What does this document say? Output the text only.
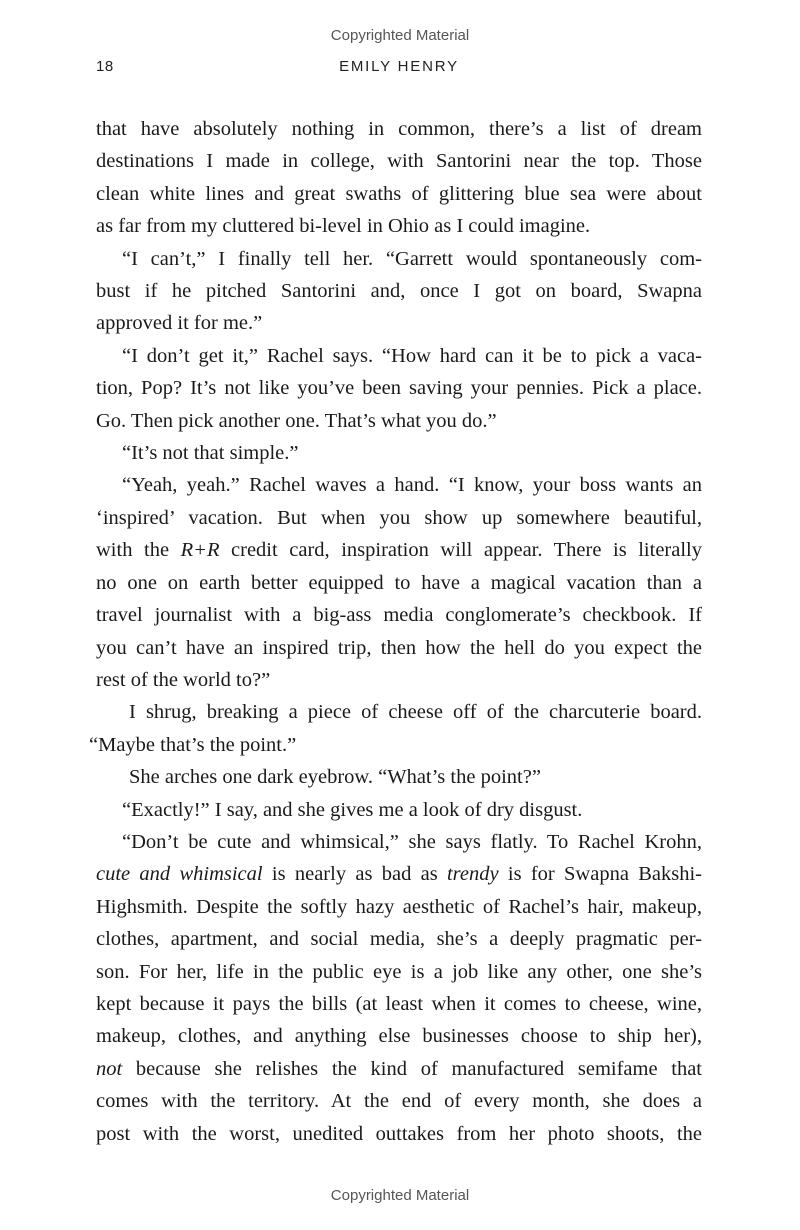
Copyrighted Material

18	EMILY HENRY

that have absolutely nothing in common, there’s a list of dream
destinations I made in college, with Santorini near the top. Those
clean white lines and great swaths of glittering blue sea were about
as far from my cluttered bi-level in Ohio as I could imagine.

“I can’t,” I finally tell her. “Garrett would spontaneously com-
bust if he pitched Santorini and, once I got on board, Swapna
approved it for me.”

“I don’t get it,” Rachel says. “How hard can it be to pick a vaca-
tion, Pop? It’s not like you’ve been saving your pennies. Pick a place.
Go. Then pick another one. That’s what you do.”

“It’s not that simple.”

“Yeah, yeah.” Rachel waves a hand. “I know, your boss wants an
‘inspired’ vacation. But when you show up somewhere beautiful,
with the R+R credit card, inspiration will appear. There is literally
no one on earth better equipped to have a magical vacation than a
travel journalist with a big-ass media conglomerate’s checkbook. If
you can’t have an inspired trip, then how the hell do you expect the
rest of the world to?”

I shrug, breaking a piece of cheese off of the charcuterie board.
“Maybe that’s the point.”

She arches one dark eyebrow. “What’s the point?”

“Exactly!” I say, and she gives me a look of dry disgust.

“Don’t be cute and whimsical,” she says flatly. To Rachel Krohn,
cute and whimsical is nearly as bad as trendy is for Swapna Bakshi-
Highsmith. Despite the softly hazy aesthetic of Rachel’s hair, makeup,
clothes, apartment, and social media, she’s a deeply pragmatic per-
son. For her, life in the public eye is a job like any other, one she’s
kept because it pays the bills (at least when it comes to cheese, wine,
makeup, clothes, and anything else businesses choose to ship her),
not because she relishes the kind of manufactured semifame that
comes with the territory. At the end of every month, she does a
post with the worst, unedited outtakes from her photo shoots, the

Copyrighted Material
